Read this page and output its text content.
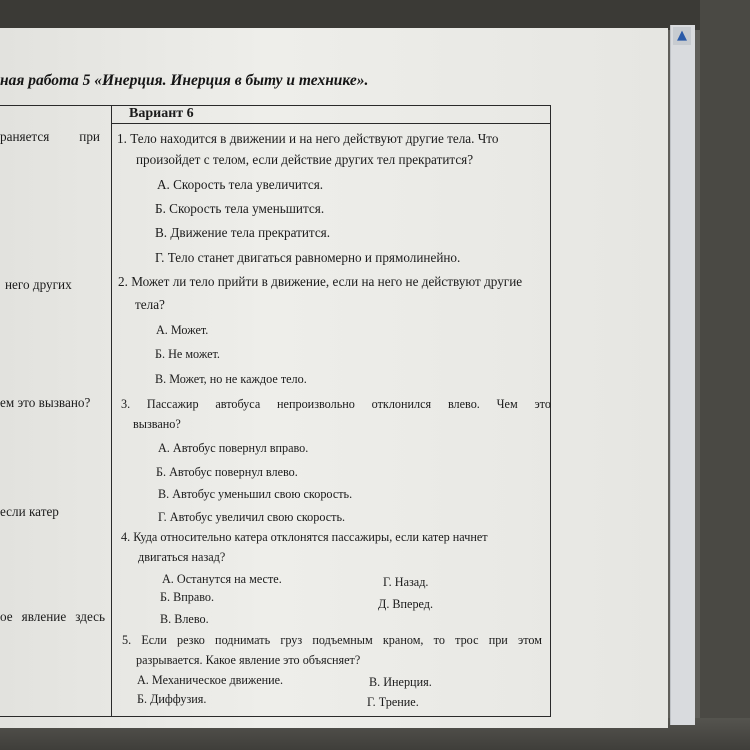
▲
ная работа 5 «Инерция. Инерция в быту и технике».
раняется при
него других
ем это вызвано?
если катер
ое явление здесь
Вариант 6
1. Тело находится в движении и на него действуют другие тела. Что
произойдет с телом, если действие других тел прекратится?
А. Скорость тела увеличится.
Б. Скорость тела уменьшится.
В. Движение тела прекратится.
Г. Тело станет двигаться равномерно и прямолинейно.
2. Может ли тело прийти в движение, если на него не действуют другие
тела?
А. Может.
Б. Не может.
В. Может, но не каждое тело.
3. Пассажир автобуса непроизвольно отклонился влево. Чем это
вызвано?
А. Автобус повернул вправо.
Б. Автобус повернул влево.
В. Автобус уменьшил свою скорость.
Г. Автобус увеличил свою скорость.
4. Куда относительно катера отклонятся пассажиры, если катер начнет
двигаться назад?
А. Останутся на месте.	Г. Назад.
Б. Вправо.	Д. Вперед.
В. Влево.
5. Если резко поднимать груз подъемным краном, то трос при этом
разрывается. Какое явление это объясняет?
А. Механическое движение.	В. Инерция.
Б. Диффузия.	Г. Трение.
